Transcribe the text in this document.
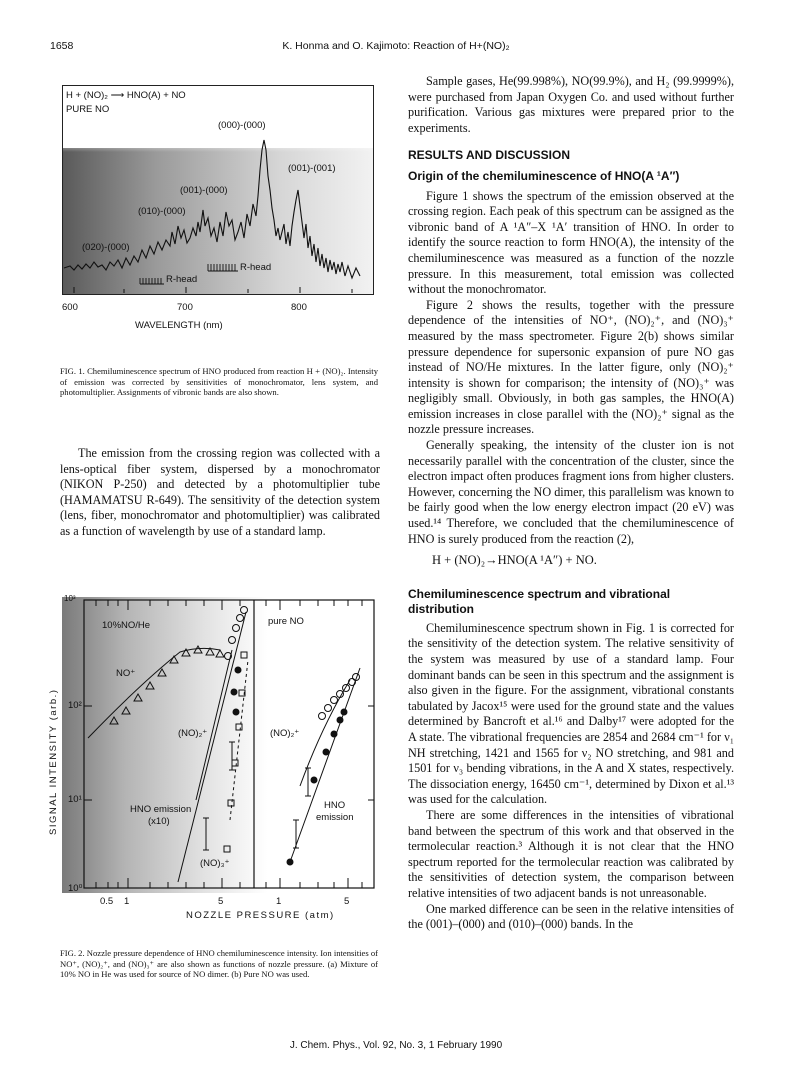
1658	K. Honma and O. Kajimoto: Reaction of H+(NO)₂
H + (NO)₂ ⟶ HNO(A) + NO
PURE NO
(000)-(000)
(001)-(001)
(001)-(000)
(010)-(000)
(020)-(000)
R-head
R-head
600	700	800
WAVELENGTH (nm)
FIG. 1. Chemiluminescence spectrum of HNO produced from reaction H + (NO)₂. Intensity of emission was corrected by sensitivities of monochromator, lens system, and photomultiplier. Assignments of vibronic bands are also shown.

The emission from the crossing region was collected with a lens-optical fiber system, dispersed by a monochromator (NIKON P-250) and detected by a photomultiplier tube (HAMAMATSU R-649). The sensitivity of the detection system (lens, fiber, monochromator and photomultiplier) was calibrated as a function of wavelength by use of a standard lamp.

10³
10²
10¹
10⁰
SIGNAL INTENSITY (arb.)
10%NO/He	pure NO
NO⁺
(NO)₂⁺
HNO emission
(x10)
(NO)₃⁺
(NO)₂⁺
HNO
emission
0.5 1	5	1	5
NOZZLE PRESSURE (atm)
FIG. 2. Nozzle pressure dependence of HNO chemiluminescence intensity. Ion intensities of NO⁺, (NO)₂⁺, and (NO)₃⁺ are also shown as functions of nozzle pressure. (a) Mixture of 10% NO in He was used for source of NO dimer. (b) Pure NO was used.

Sample gases, He(99.998%), NO(99.9%), and H₂ (99.9999%), were purchased from Japan Oxygen Co. and used without further purification. Various gas mixtures were prepared prior to the experiments.

RESULTS AND DISCUSSION
Origin of the chemiluminescence of HNO(A ¹A″)

Figure 1 shows the spectrum of the emission observed at the crossing region. Each peak of this spectrum can be assigned as the vibronic band of A ¹A″–X ¹A′ transition of HNO. In order to identify the source reaction to form HNO(A), the intensity of the chemiluminescence was measured as a function of the nozzle pressure. In this measurement, total emission was collected without the monochromator.

Figure 2 shows the results, together with the pressure dependence of the intensities of NO⁺, (NO)₂⁺, and (NO)₃⁺ measured by the mass spectrometer. Figure 2(b) shows similar pressure dependence for supersonic expansion of pure NO gas instead of NO/He mixtures. In the latter figure, only (NO)₂⁺ intensity is shown for comparison; the intensity of (NO)₃⁺ was negligibly small. Obviously, in both gas samples, the HNO(A) emission increases in close parallel with the (NO)₂⁺ signal as the nozzle pressure increases.

Generally speaking, the intensity of the cluster ion is not necessarily parallel with the concentration of the cluster, since the electron impact often produces fragment ions from higher clusters. However, concerning the NO dimer, this parallelism was known to be fairly good when the low energy electron impact (20 eV) was used.¹⁴ Therefore, we concluded that the chemiluminescence of HNO is surely produced from the reaction (2),

H + (NO)₂→HNO(A ¹A″) + NO.
Chemiluminescence spectrum and vibrational
distribution

Chemiluminescence spectrum shown in Fig. 1 is corrected for the sensitivity of the detection system. The relative sensitivity of the system was measured by use of a standard lamp. Four dominant bands can be seen in this spectrum and the assignment is also given in the figure. For the assignment, vibrational constants tabulated by Jacox¹⁵ were used for the ground state and the values determined by Bancroft et al.¹⁶ and Dalby¹⁷ were adopted for the A state. The vibrational frequencies are 2854 and 2684 cm⁻¹ for ν₁ NH stretching, 1421 and 1565 for ν₂ NO stretching, and 981 and 1501 for ν₃ bending vibrations, in the A and X states, respectively. The dissociation energy, 16450 cm⁻¹, determined by Dixon et al.¹³ was used for the calculation.

There are some differences in the intensities of vibrational band between the spectrum of this work and that observed in the termolecular reaction.³ Although it is not clear that the HNO spectrum reported for the termolecular reaction was calibrated by the sensitivities of detection system, the comparison between relative intensities of two adjacent bands is not unreasonable.

One marked difference can be seen in the relative intensities of the (001)–(000) and (010)–(000) bands. In the

J. Chem. Phys., Vol. 92, No. 3, 1 February 1990
